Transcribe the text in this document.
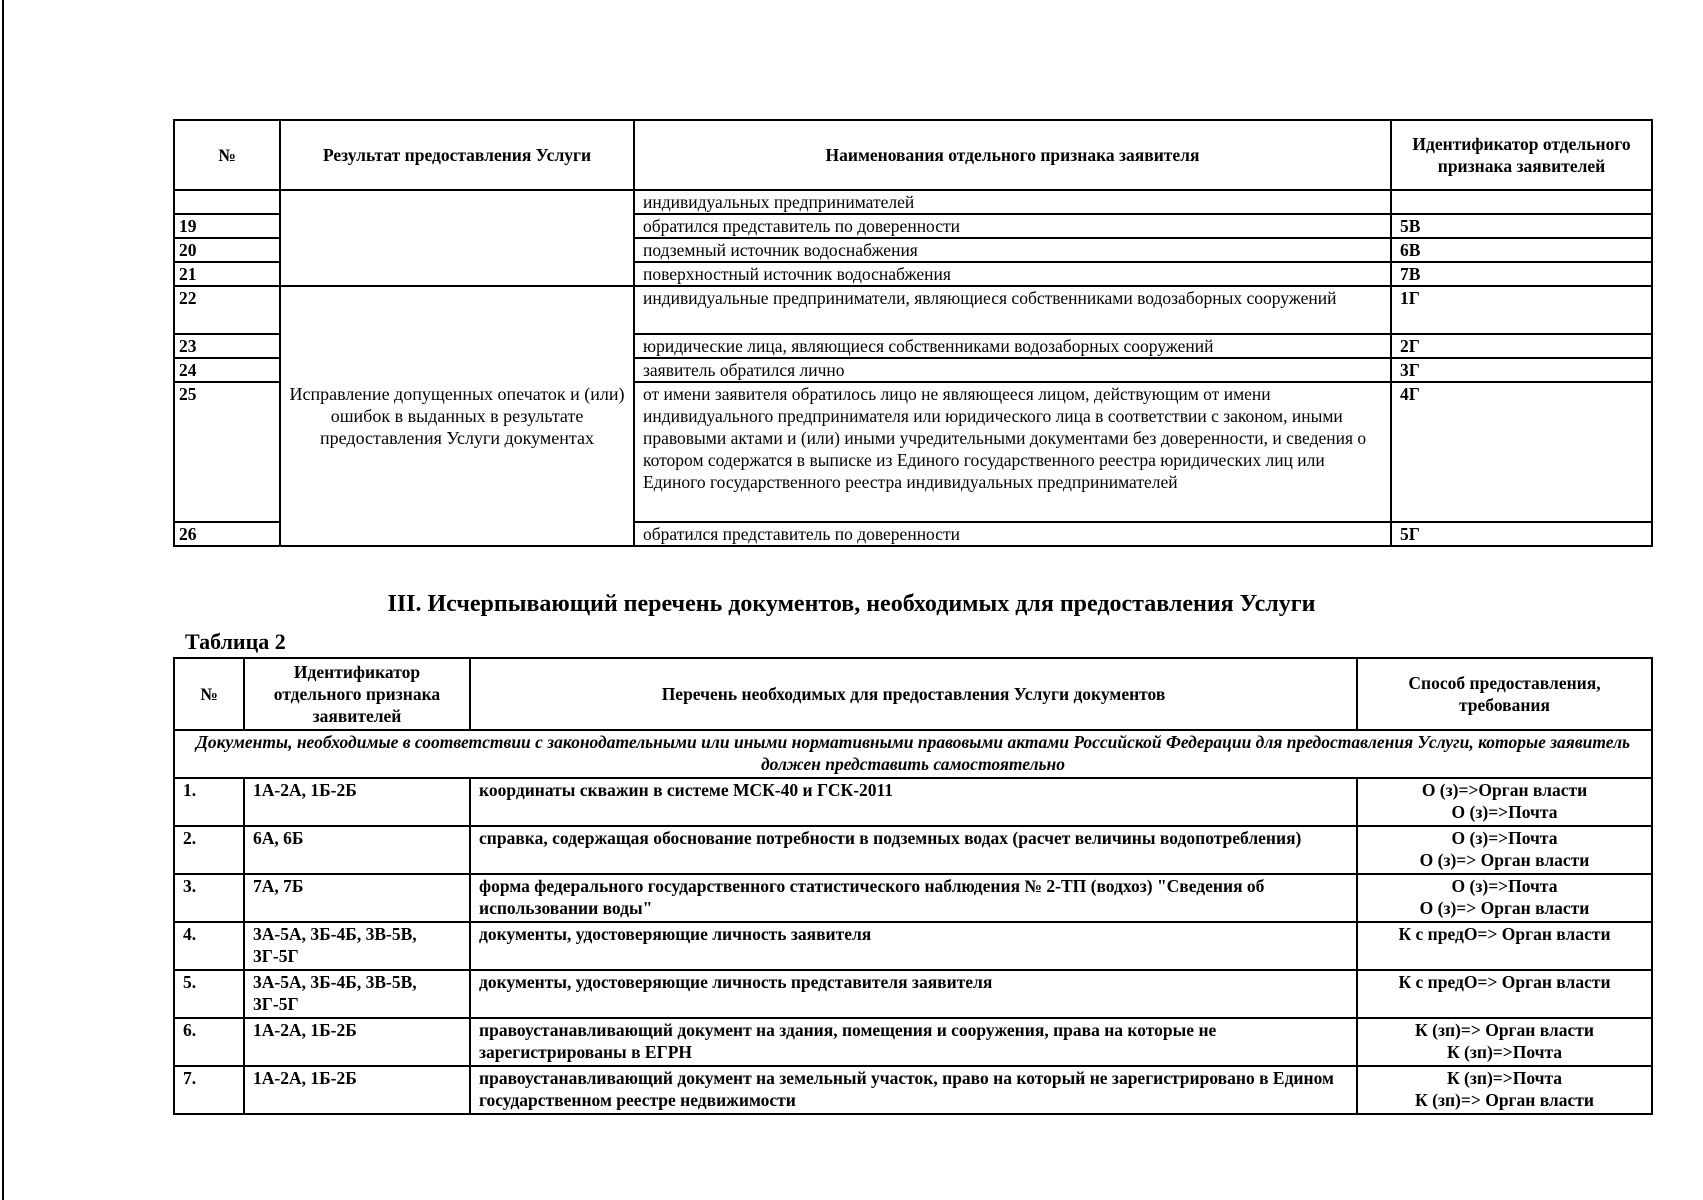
№	Результат предоставления Услуги	Наименования отдельного признака заявителя	Идентификатор отдельного признака заявителей
		индивидуальных предпринимателей	
19		обратился представитель по доверенности	5В
20		подземный источник водоснабжения	6В
21		поверхностный источник водоснабжения	7В
22	Исправление допущенных опечаток и (или) ошибок в выданных в результате предоставления Услуги документах	индивидуальные предприниматели, являющиеся собственниками водозаборных сооружений	1Г
23		юридические лица, являющиеся собственниками водозаборных сооружений	2Г
24		заявитель обратился лично	3Г
25		от имени заявителя обратилось лицо не являющееся лицом, действующим от имени индивидуального предпринимателя или юридического лица в соответствии с законом, иными правовыми актами и (или) иными учредительными документами без доверенности, и сведения о котором содержатся в выписке из Единого государственного реестра юридических лиц или Единого государственного реестра индивидуальных предпринимателей	4Г
26		обратился представитель по доверенности	5Г
III. Исчерпывающий перечень документов, необходимых для предоставления Услуги
Таблица 2
№	Идентификатор отдельного признака заявителей	Перечень необходимых для предоставления Услуги документов	Способ предоставления, требования
Документы, необходимые в соответствии с законодательными или иными нормативными правовыми актами Российской Федерации для предоставления Услуги, которые заявитель должен представить самостоятельно			
1.	1А-2А, 1Б-2Б	координаты скважин в системе МСК-40 и ГСК-2011	О (з)=>Орган власти
О (з)=>Почта

2.	6А, 6Б	справка, содержащая обоснование потребности в подземных водах (расчет величины водопотребления)	О (з)=>Почта
О (з)=> Орган власти

3.	7А, 7Б	форма федерального государственного статистического наблюдения № 2-ТП (водхоз) "Сведения об использовании воды"	О (з)=>Почта
О (з)=> Орган власти

4.	3А-5А, 3Б-4Б, 3В-5В, 3Г-5Г	документы, удостоверяющие личность заявителя	К с предО=> Орган власти

5.	3А-5А, 3Б-4Б, 3В-5В, 3Г-5Г	документы, удостоверяющие личность представителя заявителя	К с предО=> Орган власти

6.	1А-2А, 1Б-2Б	правоустанавливающий документ на здания, помещения и сооружения, права на которые не зарегистрированы в ЕГРН	К (зп)=> Орган власти
К (зп)=>Почта

7.	1А-2А, 1Б-2Б	правоустанавливающий документ на земельный участок, право на который не зарегистрировано в Едином государственном реестре недвижимости	К (зп)=>Почта
К (зп)=> Орган власти
